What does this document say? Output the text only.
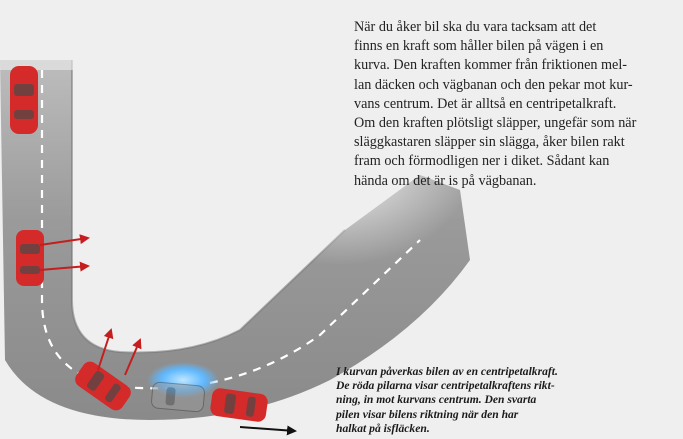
När du åker bil ska du vara tacksam att det
finns en kraft som håller bilen på vägen i en
kurva. Den kraften kommer från friktionen mel-
lan däcken och vägbanan och den pekar mot kur-
vans centrum. Det är alltså en centripetalkraft.
Om den kraften plötsligt släpper, ungefär som när
släggkastaren släpper sin slägga, åker bilen rakt
fram och förmodligen ner i diket. Sådant kan
hända om det är is på vägbanan.
I kurvan påverkas bilen av en centripetalkraft.
De röda pilarna visar centripetalkraftens rikt-
ning, in mot kurvans centrum. Den svarta
pilen visar bilens riktning när den har
halkat på isfläcken.
